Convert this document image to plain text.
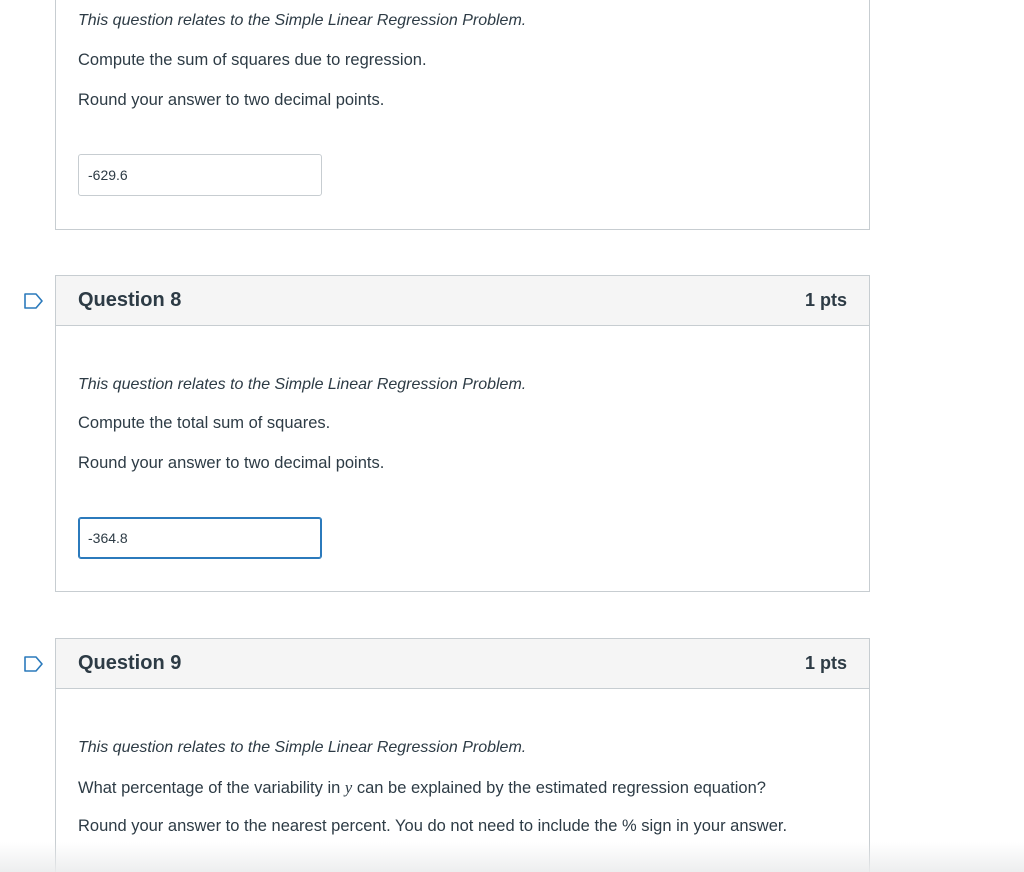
This question relates to the Simple Linear Regression Problem.

Compute the sum of squares due to regression.

Round your answer to two decimal points.

-629.6
Question 8	1 pts

This question relates to the Simple Linear Regression Problem.

Compute the total sum of squares.

Round your answer to two decimal points.

-364.8
Question 9	1 pts

This question relates to the Simple Linear Regression Problem.

What percentage of the variability in y can be explained by the estimated regression equation?

Round your answer to the nearest percent. You do not need to include the % sign in your answer.
